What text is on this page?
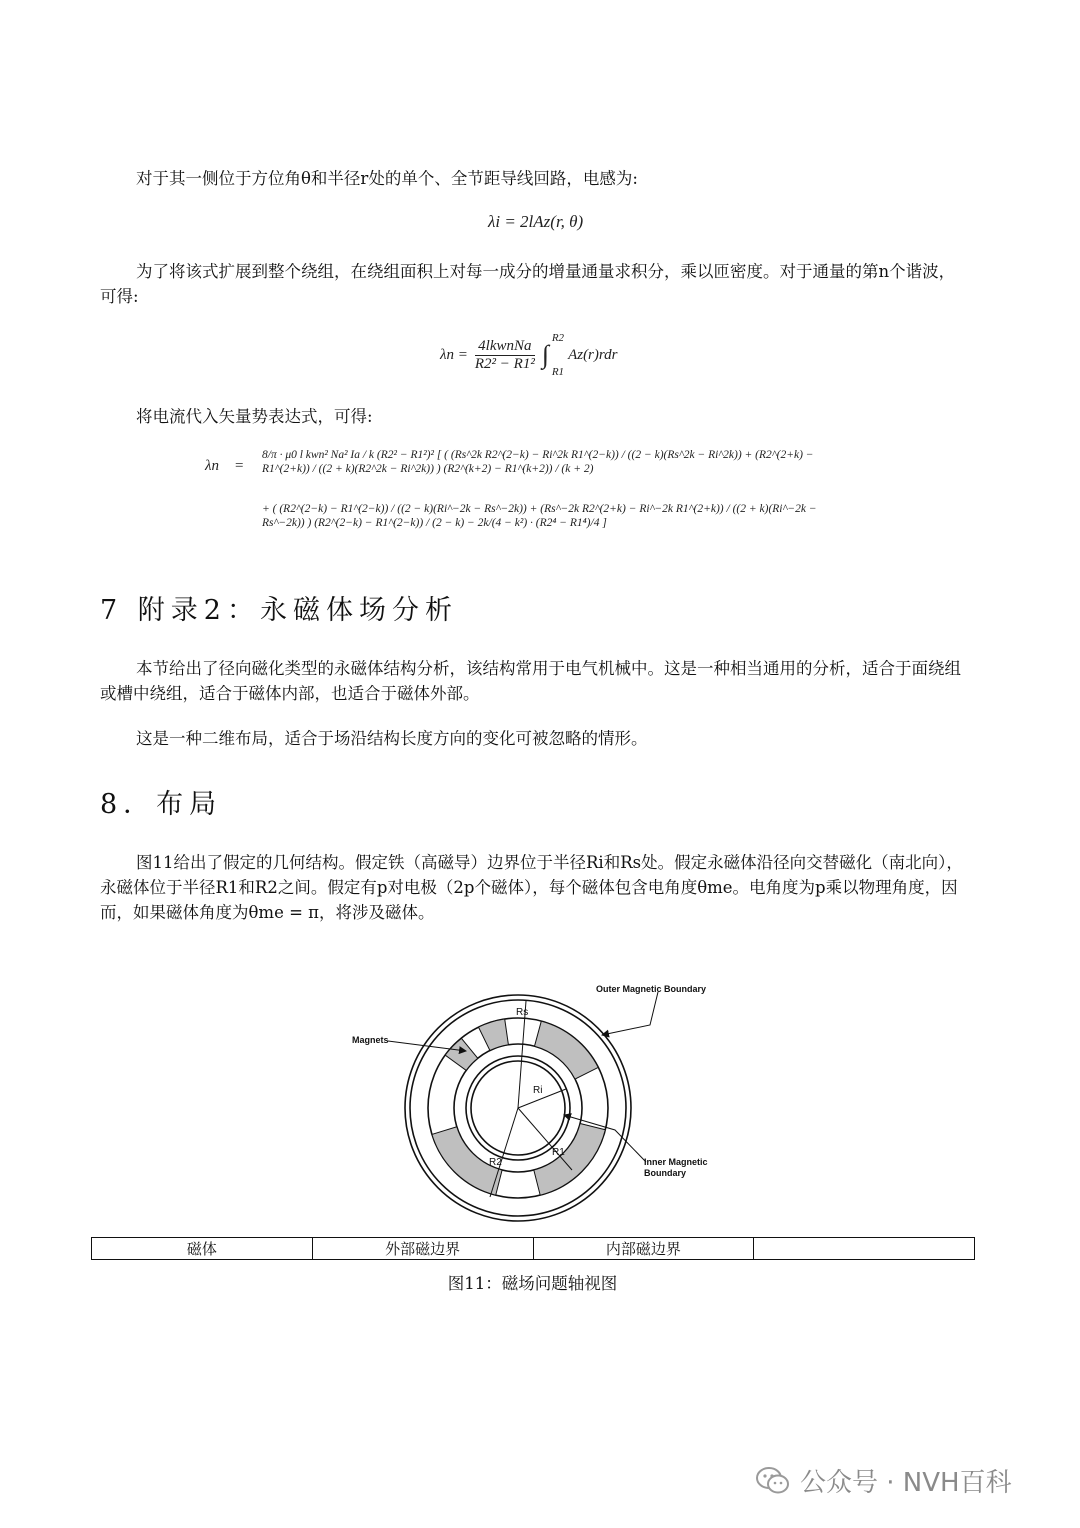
对于其一侧位于方位角θ和半径r处的单个、全节距导线回路，电感为:

λi = 2lAz(r, θ)

为了将该式扩展到整个绕组，在绕组面积上对每一成分的增量通量求积分，乘以匝密度。对于通量的第n个谐波，可得:

$\lambda n = \frac{\text{4lkwnNa}}{\text{R2² − R1²}}$	R2
∫
R1
Az(r)rdr

将电流代入矢量势表达式，可得:

λn =
8/π · μ0 l kwn² Na² Ia / k (R2² − R1²)² [ ( (Rs^2k R2^(2−k) − Ri^2k R1^(2−k)) / ((2 − k)(Rs^2k − Ri^2k)) + (R2^(2+k) − R1^(2+k)) / ((2 + k)(R2^2k − Ri^2k)) ) (R2^(k+2) − R1^(k+2)) / (k + 2)
+ ( (R2^(2−k) − R1^(2−k)) / ((2 − k)(Ri^−2k − Rs^−2k)) + (Rs^−2k R2^(2+k) − Ri^−2k R1^(2+k)) / ((2 + k)(Ri^−2k − Rs^−2k)) ) (R2^(2−k) − R1^(2−k)) / (2 − k) − 2k/(4 − k²) · (R2⁴ − R1⁴)/4 ]
7 附录2：永磁体场分析

本节给出了径向磁化类型的永磁体结构分析，该结构常用于电气机械中。这是一种相当通用的分析，适合于面绕组或槽中绕组，适合于磁体内部，也适合于磁体外部。

这是一种二维布局，适合于场沿结构长度方向的变化可被忽略的情形。

8．布局

图11给出了假定的几何结构。假定铁（高磁导）边界位于半径Ri和Rs处。假定永磁体沿径向交替磁化（南北向），永磁体位于半径R1和R2之间。假定有p对电极（2p个磁体），每个磁体包含电角度θme。电角度为p乘以物理角度，因而，如果磁体角度为θme = π，将涉及磁体。

Outer Magnetic Boundary
Magnets
Inner Magnetic
Boundary
Rs
Ri
R1
R2
磁体	外部磁边界	内部磁边界	
图11：磁场问题轴视图
公众号 · NVH百科
